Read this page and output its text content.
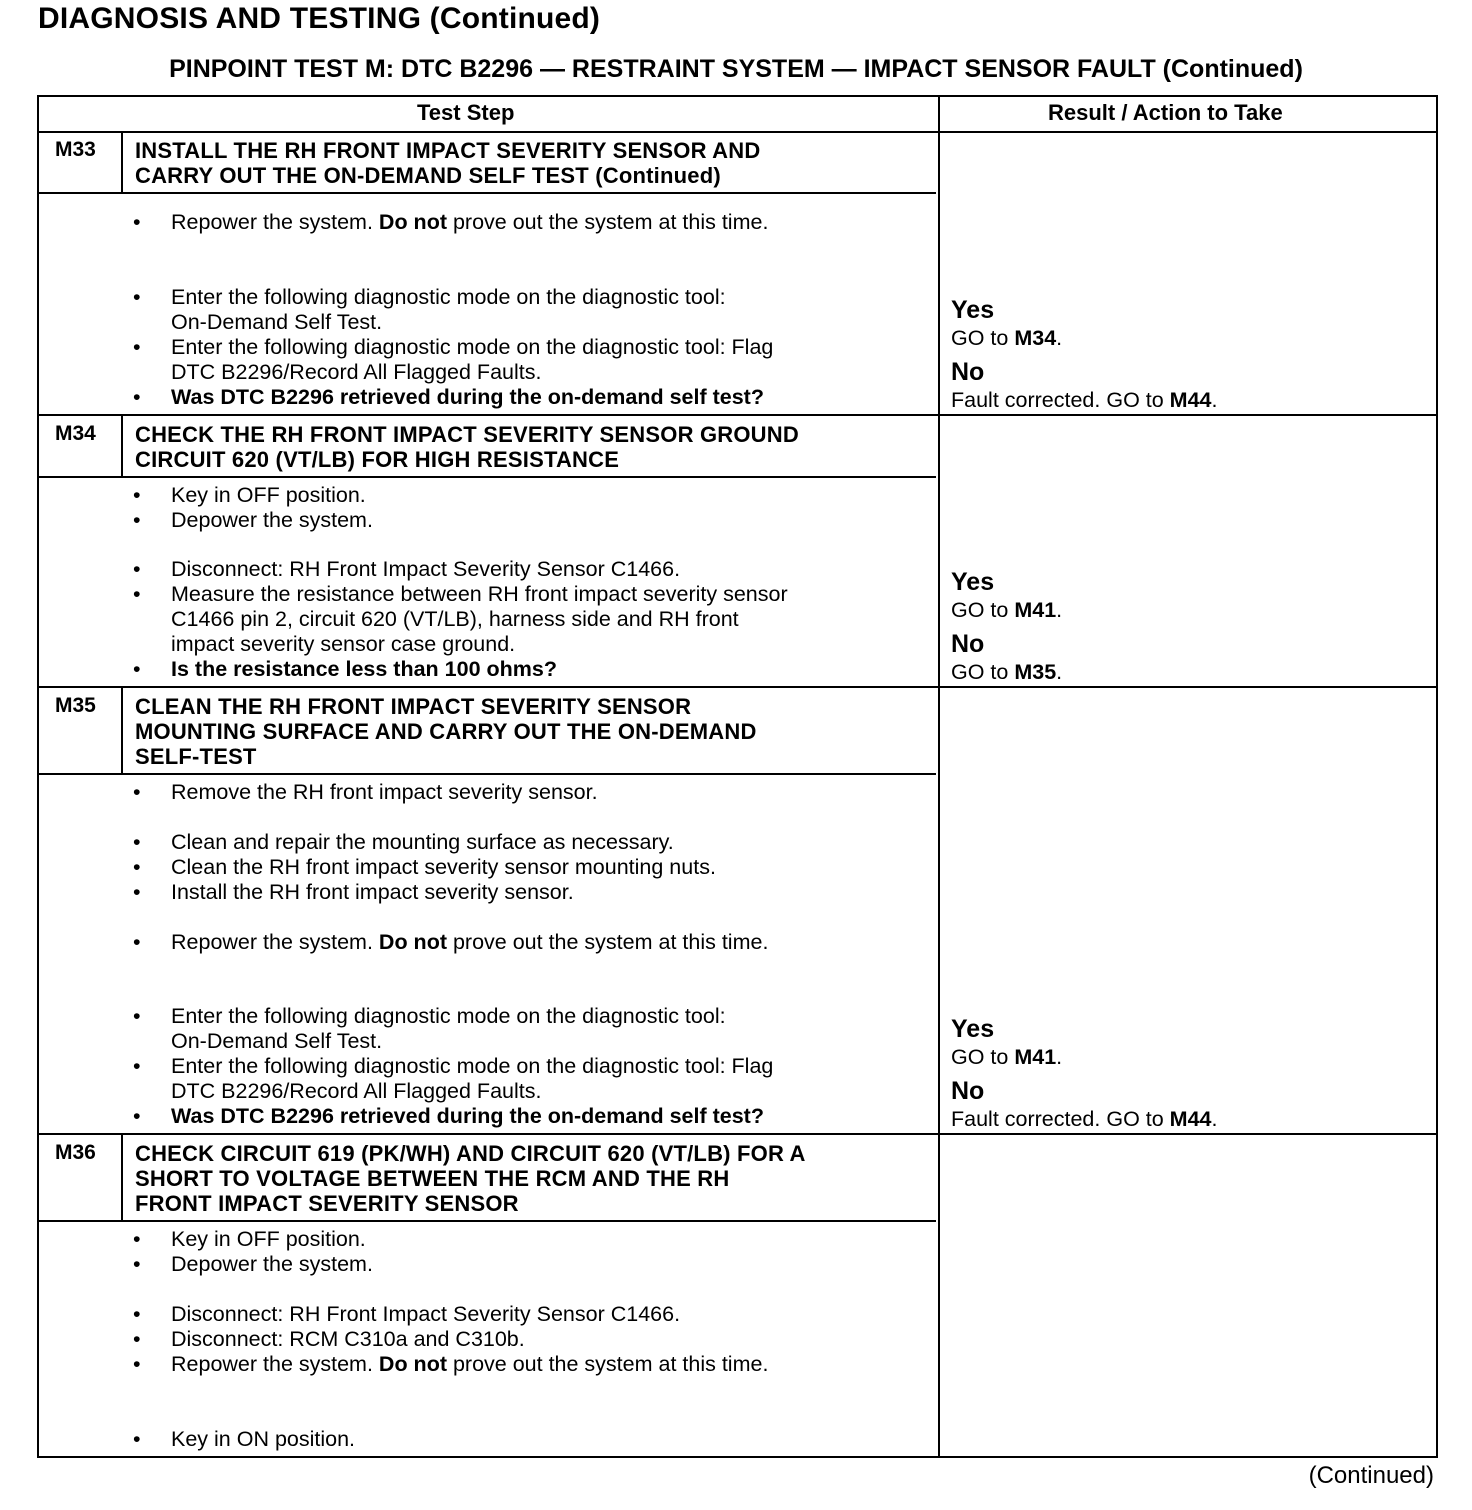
DIAGNOSIS AND TESTING (Continued)
PINPOINT TEST M: DTC B2296 — RESTRAINT SYSTEM — IMPACT SENSOR FAULT (Continued)
Test Step	Result / Action to Take
M33 INSTALL THE RH FRONT IMPACT SEVERITY SENSOR AND
CARRY OUT THE ON-DEMAND SELF TEST (Continued)
• Repower the system. Do not prove out the system at this time.
• Enter the following diagnostic mode on the diagnostic tool:
On-Demand Self Test.
• Enter the following diagnostic mode on the diagnostic tool: Flag
DTC B2296/Record All Flagged Faults.
• Was DTC B2296 retrieved during the on-demand self test?
Yes
GO to M34.
No
Fault corrected. GO to M44.
M34 CHECK THE RH FRONT IMPACT SEVERITY SENSOR GROUND
CIRCUIT 620 (VT/LB) FOR HIGH RESISTANCE
• Key in OFF position.
• Depower the system.
• Disconnect: RH Front Impact Severity Sensor C1466.
• Measure the resistance between RH front impact severity sensor
C1466 pin 2, circuit 620 (VT/LB), harness side and RH front
impact severity sensor case ground.
• Is the resistance less than 100 ohms?
Yes
GO to M41.
No
GO to M35.
M35 CLEAN THE RH FRONT IMPACT SEVERITY SENSOR
MOUNTING SURFACE AND CARRY OUT THE ON-DEMAND
SELF-TEST
• Remove the RH front impact severity sensor.
• Clean and repair the mounting surface as necessary.
• Clean the RH front impact severity sensor mounting nuts.
• Install the RH front impact severity sensor.
• Repower the system. Do not prove out the system at this time.
• Enter the following diagnostic mode on the diagnostic tool:
On-Demand Self Test.
• Enter the following diagnostic mode on the diagnostic tool: Flag
DTC B2296/Record All Flagged Faults.
• Was DTC B2296 retrieved during the on-demand self test?
Yes
GO to M41.
No
Fault corrected. GO to M44.
M36 CHECK CIRCUIT 619 (PK/WH) AND CIRCUIT 620 (VT/LB) FOR A
SHORT TO VOLTAGE BETWEEN THE RCM AND THE RH
FRONT IMPACT SEVERITY SENSOR
• Key in OFF position.
• Depower the system.
• Disconnect: RH Front Impact Severity Sensor C1466.
• Disconnect: RCM C310a and C310b.
• Repower the system. Do not prove out the system at this time.
• Key in ON position.
(Continued)
